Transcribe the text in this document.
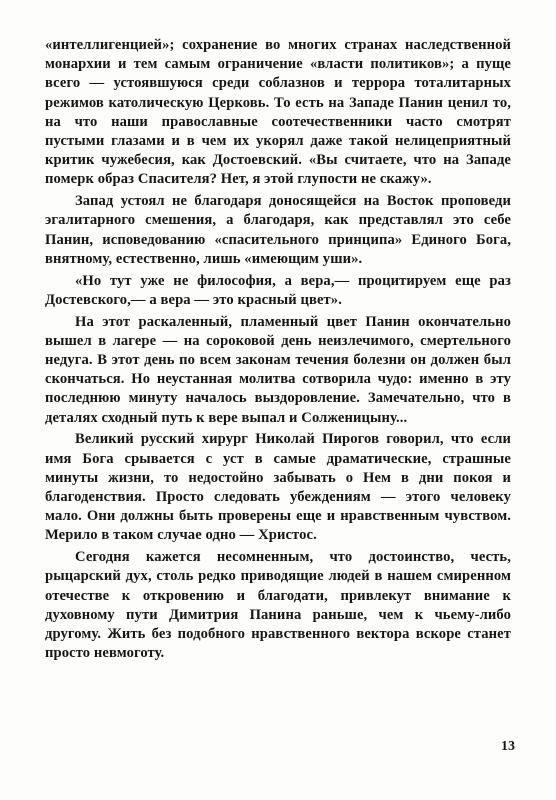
«интеллигенцией»; сохранение во многих странах наследственной монархии и тем самым ограничение «власти политиков»; а пуще всего — устоявшуюся среди соблазнов и террора тоталитарных режимов католическую Церковь. То есть на Западе Панин ценил то, на что наши православные соотечественники часто смотрят пустыми глазами и в чем их укорял даже такой нелицеприятный критик чужебесия, как Достоевский. «Вы считаете, что на Западе померк образ Спасителя? Нет, я этой глупости не скажу».

Запад устоял не благодаря доносящейся на Восток проповеди эгалитарного смешения, а благодаря, как представлял это себе Панин, исповедованию «спасительного принципа» Единого Бога, внятному, естественно, лишь «имеющим уши».

«Но тут уже не философия, а вера,— процитируем еще раз Достевского,— а вера — это красный цвет».

На этот раскаленный, пламенный цвет Панин окончательно вышел в лагере — на сороковой день неизлечимого, смертельного недуга. В этот день по всем законам течения болезни он должен был скончаться. Но неустанная молитва сотворила чудо: именно в эту последнюю минуту началось выздоровление. Замечательно, что в деталях сходный путь к вере выпал и Солженицыну...

Великий русский хирург Николай Пирогов говорил, что если имя Бога срывается с уст в самые драматические, страшные минуты жизни, то недостойно забывать о Нем в дни покоя и благоденствия. Просто следовать убеждениям — этого человеку мало. Они должны быть проверены еще и нравственным чувством. Мерило в таком случае одно — Христос.

Сегодня кажется несомненным, что достоинство, честь, рыцарский дух, столь редко приводящие людей в нашем смиренном отечестве к откровению и благодати, привлекут внимание к духовному пути Димитрия Панина раньше, чем к чьему-либо другому. Жить без подобного нравственного вектора вскоре станет просто невмоготу.

13
